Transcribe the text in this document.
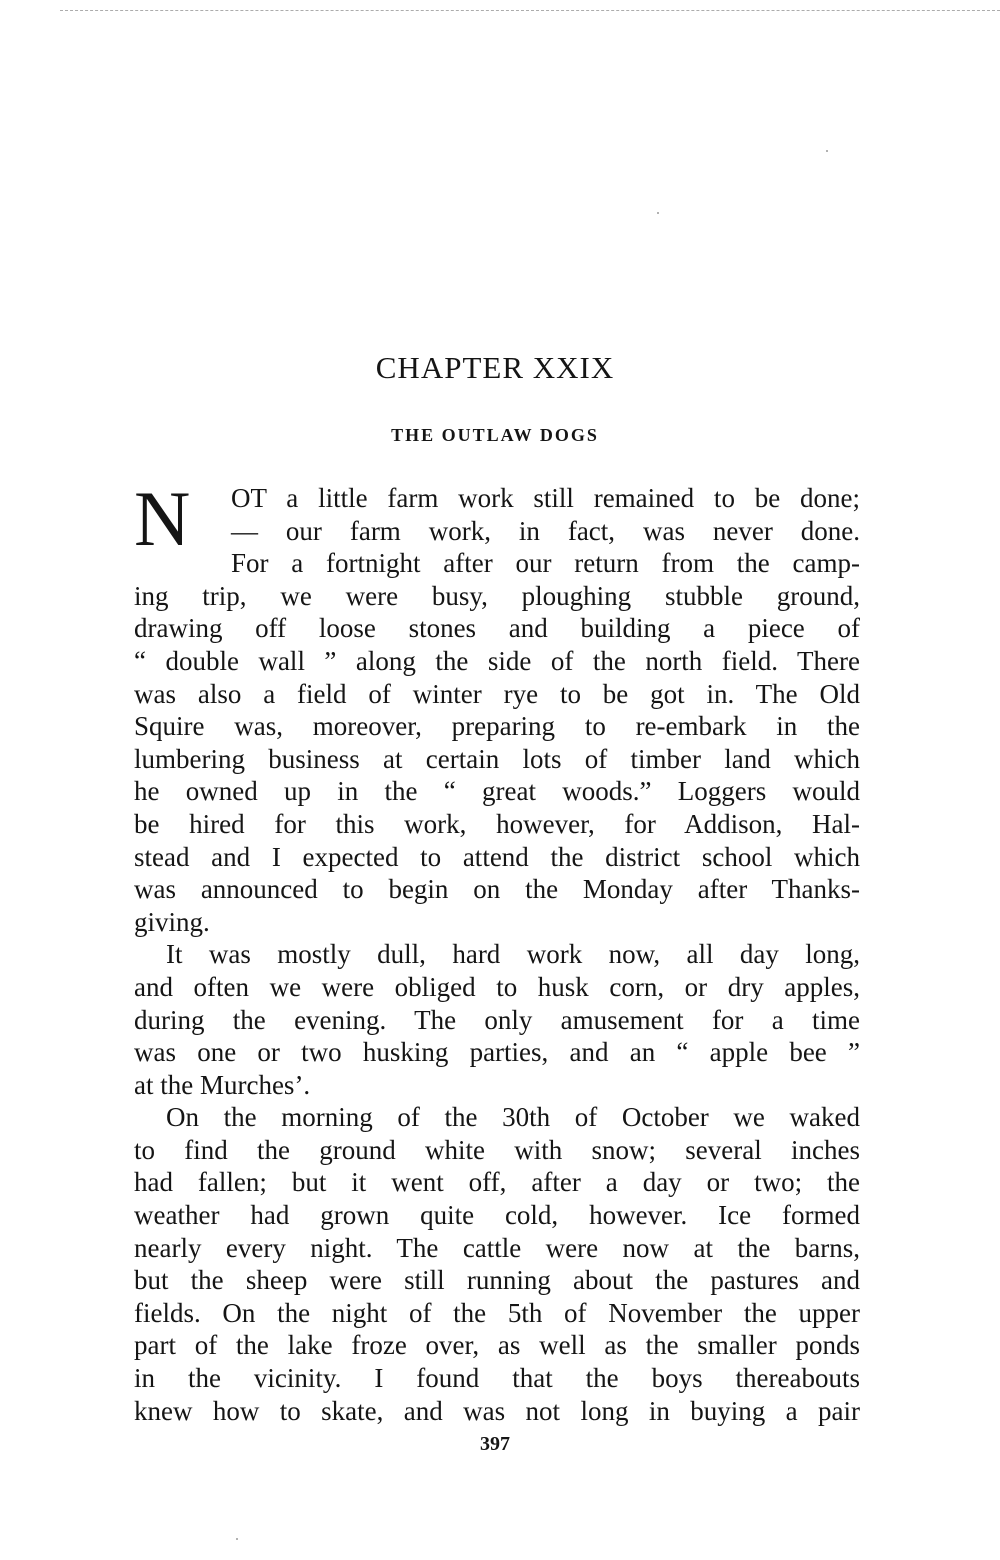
CHAPTER XXIX
THE OUTLAW DOGS
N	OT a little farm work still remained to be done;
— our farm work, in fact, was never done.
For a fortnight after our return from the camp-
ing trip, we were busy, ploughing stubble ground,
drawing off loose stones and building a piece of
“ double wall ” along the side of the north field. There
was also a field of winter rye to be got in. The Old
Squire was, moreover, preparing to re-embark in the
lumbering business at certain lots of timber land which
he owned up in the “ great woods.” Loggers would
be hired for this work, however, for Addison, Hal-
stead and I expected to attend the district school which
was announced to begin on the Monday after Thanks-
giving.
It was mostly dull, hard work now, all day long,
and often we were obliged to husk corn, or dry apples,
during the evening. The only amusement for a time
was one or two husking parties, and an “ apple bee ”
at the Murches’.
On the morning of the 30th of October we waked
to find the ground white with snow; several inches
had fallen; but it went off, after a day or two; the
weather had grown quite cold, however. Ice formed
nearly every night. The cattle were now at the barns,
but the sheep were still running about the pastures and
fields. On the night of the 5th of November the upper
part of the lake froze over, as well as the smaller ponds
in the vicinity. I found that the boys thereabouts
knew how to skate, and was not long in buying a pair
397
